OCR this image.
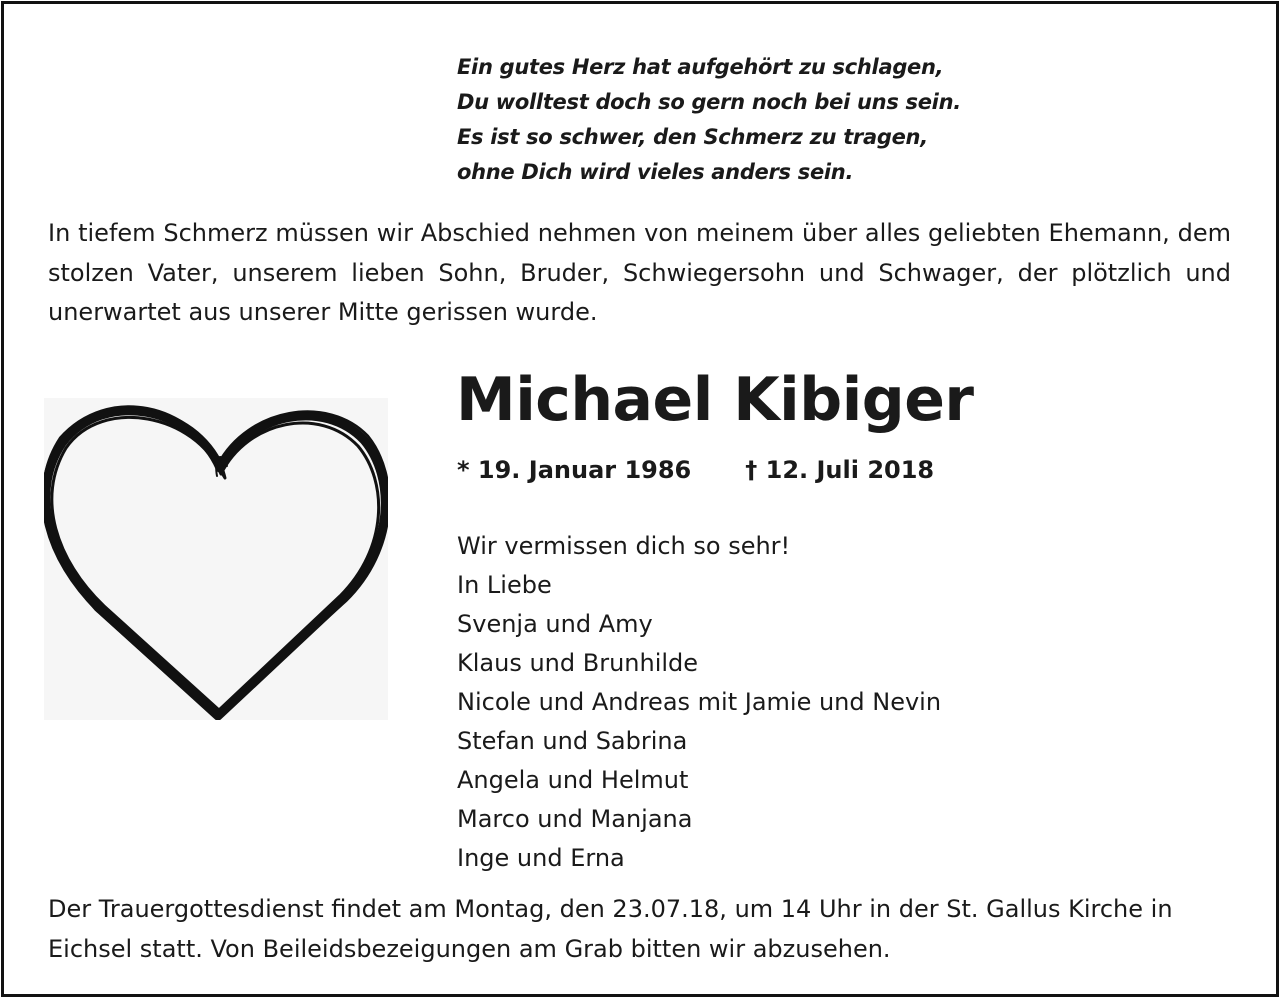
Ein gutes Herz hat aufgehört zu schlagen,
Du wolltest doch so gern noch bei uns sein.
Es ist so schwer, den Schmerz zu tragen,
ohne Dich wird vieles anders sein.
In tiefem Schmerz müssen wir Abschied nehmen von meinem über alles geliebten Ehemann, dem stolzen Vater, unserem lieben Sohn, Bruder, Schwiegersohn und Schwager, der plötzlich und unerwartet aus unserer Mitte gerissen wurde.
Michael Kibiger
* 19. Januar 1986 † 12. Juli 2018
Wir vermissen dich so sehr!
In Liebe
Svenja und Amy
Klaus und Brunhilde
Nicole und Andreas mit Jamie und Nevin
Stefan und Sabrina
Angela und Helmut
Marco und Manjana
Inge und Erna
Der Trauergottesdienst findet am Montag, den 23.07.18, um 14 Uhr in der St. Gallus Kirche in Eichsel statt. Von Beileidsbezeigungen am Grab bitten wir abzusehen.
